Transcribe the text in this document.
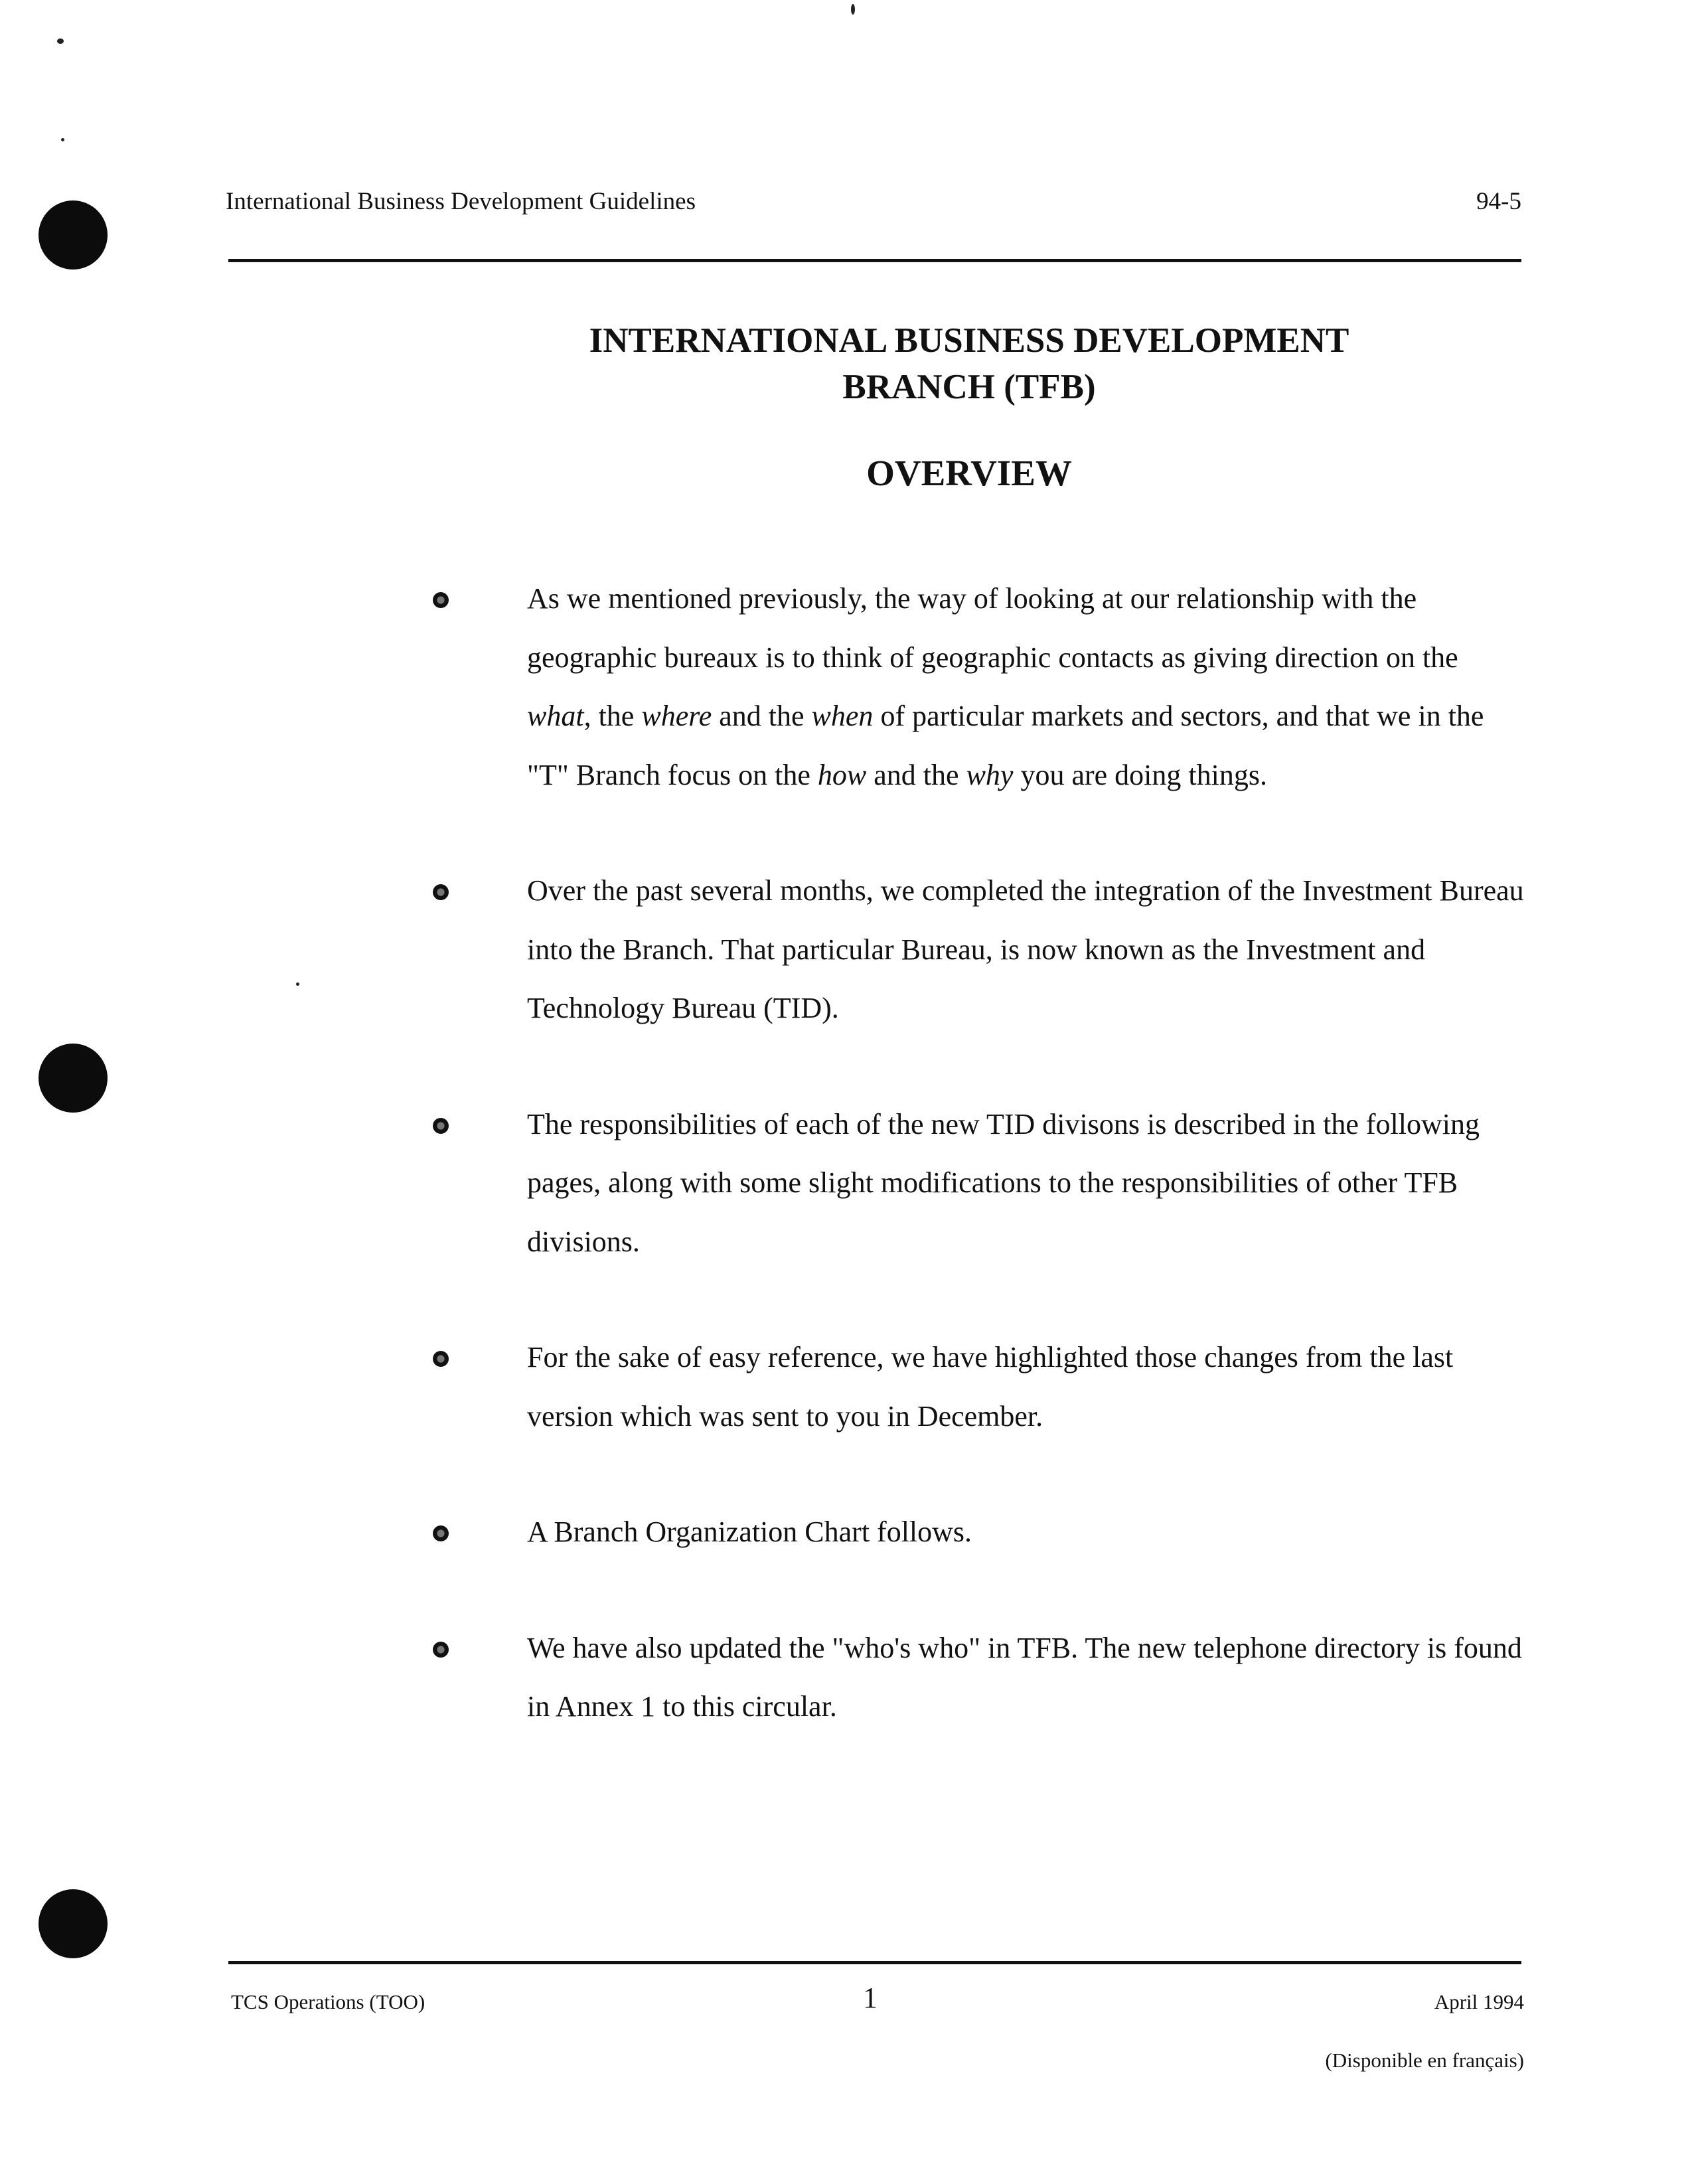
International Business Development Guidelines	94-5
INTERNATIONAL BUSINESS DEVELOPMENT
BRANCH (TFB)
OVERVIEW
As we mentioned previously, the way of looking at our relationship with the geographic bureaux is to think of geographic contacts as giving direction on the what, the where and the when of particular markets and sectors, and that we in the "T" Branch focus on the how and the why you are doing things.
Over the past several months, we completed the integration of the Investment Bureau into the Branch. That particular Bureau, is now known as the Investment and Technology Bureau (TID).
The responsibilities of each of the new TID divisons is described in the following pages, along with some slight modifications to the responsibilities of other TFB divisions.
For the sake of easy reference, we have highlighted those changes from the last version which was sent to you in December.
A Branch Organization Chart follows.
We have also updated the "who's who" in TFB. The new telephone directory is found in Annex 1 to this circular.
TCS Operations (TOO)	1	April 1994
(Disponible en français)
